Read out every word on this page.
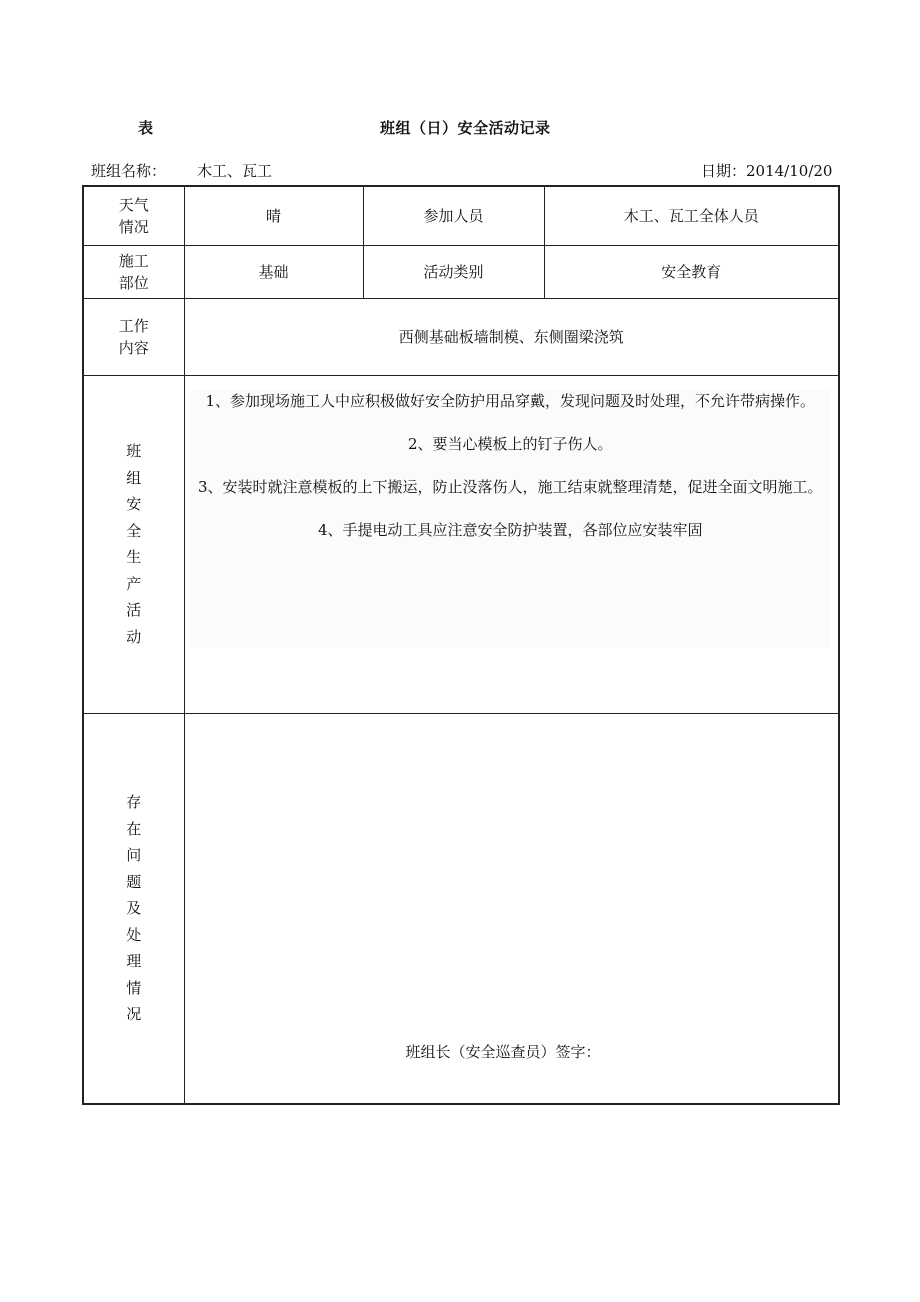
表	班组（日）安全活动记录
班组名称： 木工、瓦工	日期：2014/10/20
天气情况	晴	参加人员	木工、瓦工全体人员
施工部位	基础	活动类别	安全教育
工作内容	西侧基础板墙制模、东侧圈梁浇筑		
班组安全生产活动	1、参加现场施工人中应积极做好安全防护用品穿戴，发现问题及时处理，不允许带病操作。

2、要当心模板上的钉子伤人。

3、安装时就注意模板的上下搬运，防止没落伤人，施工结束就整理清楚，促进全面文明施工。

4、手提电动工具应注意安全防护装置，各部位应安装牢固		

存在问题及处理情况	班组长（安全巡查员）签字：		
